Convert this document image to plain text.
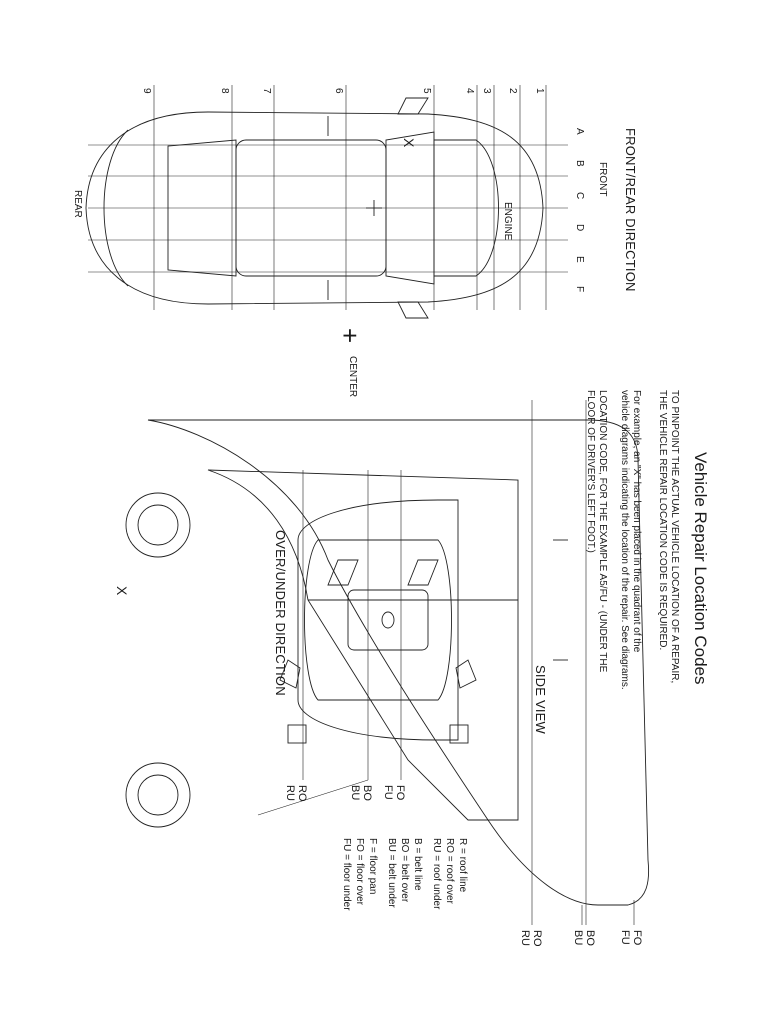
Vehicle Repair Location Codes
TO PINPOINT THE ACTUAL VEHICLE LOCATION OF A REPAIR,
THE VEHICLE REPAIR LOCATION CODE IS REQUIRED.
For example, an "X" has been placed in the quadrant of the
vehicle diagrams indicating the location of the repair. See diagrams.
LOCATION CODE, FOR THE EXAMPLE A5/FU - (UNDER THE
FLOOR OF DRIVER'S LEFT FOOT.)
FRONT/REAR DIRECTION
FRONT
REAR	ENGINE
+
CENTER
A
B
C
D
E
F
1
2
3
4
5
6
7
8
9
X
OVER/UNDER DIRECTION
RO
RU	BO
BU	FO
FU
SIDE VIEW
RO
RU	BO
BU	FO
FU
X
R = roof line
RO = roof over
RU = roof under
B = belt line
BO = belt over
BU = belt under
F = floor pan
FO = floor over
FU = floor under
